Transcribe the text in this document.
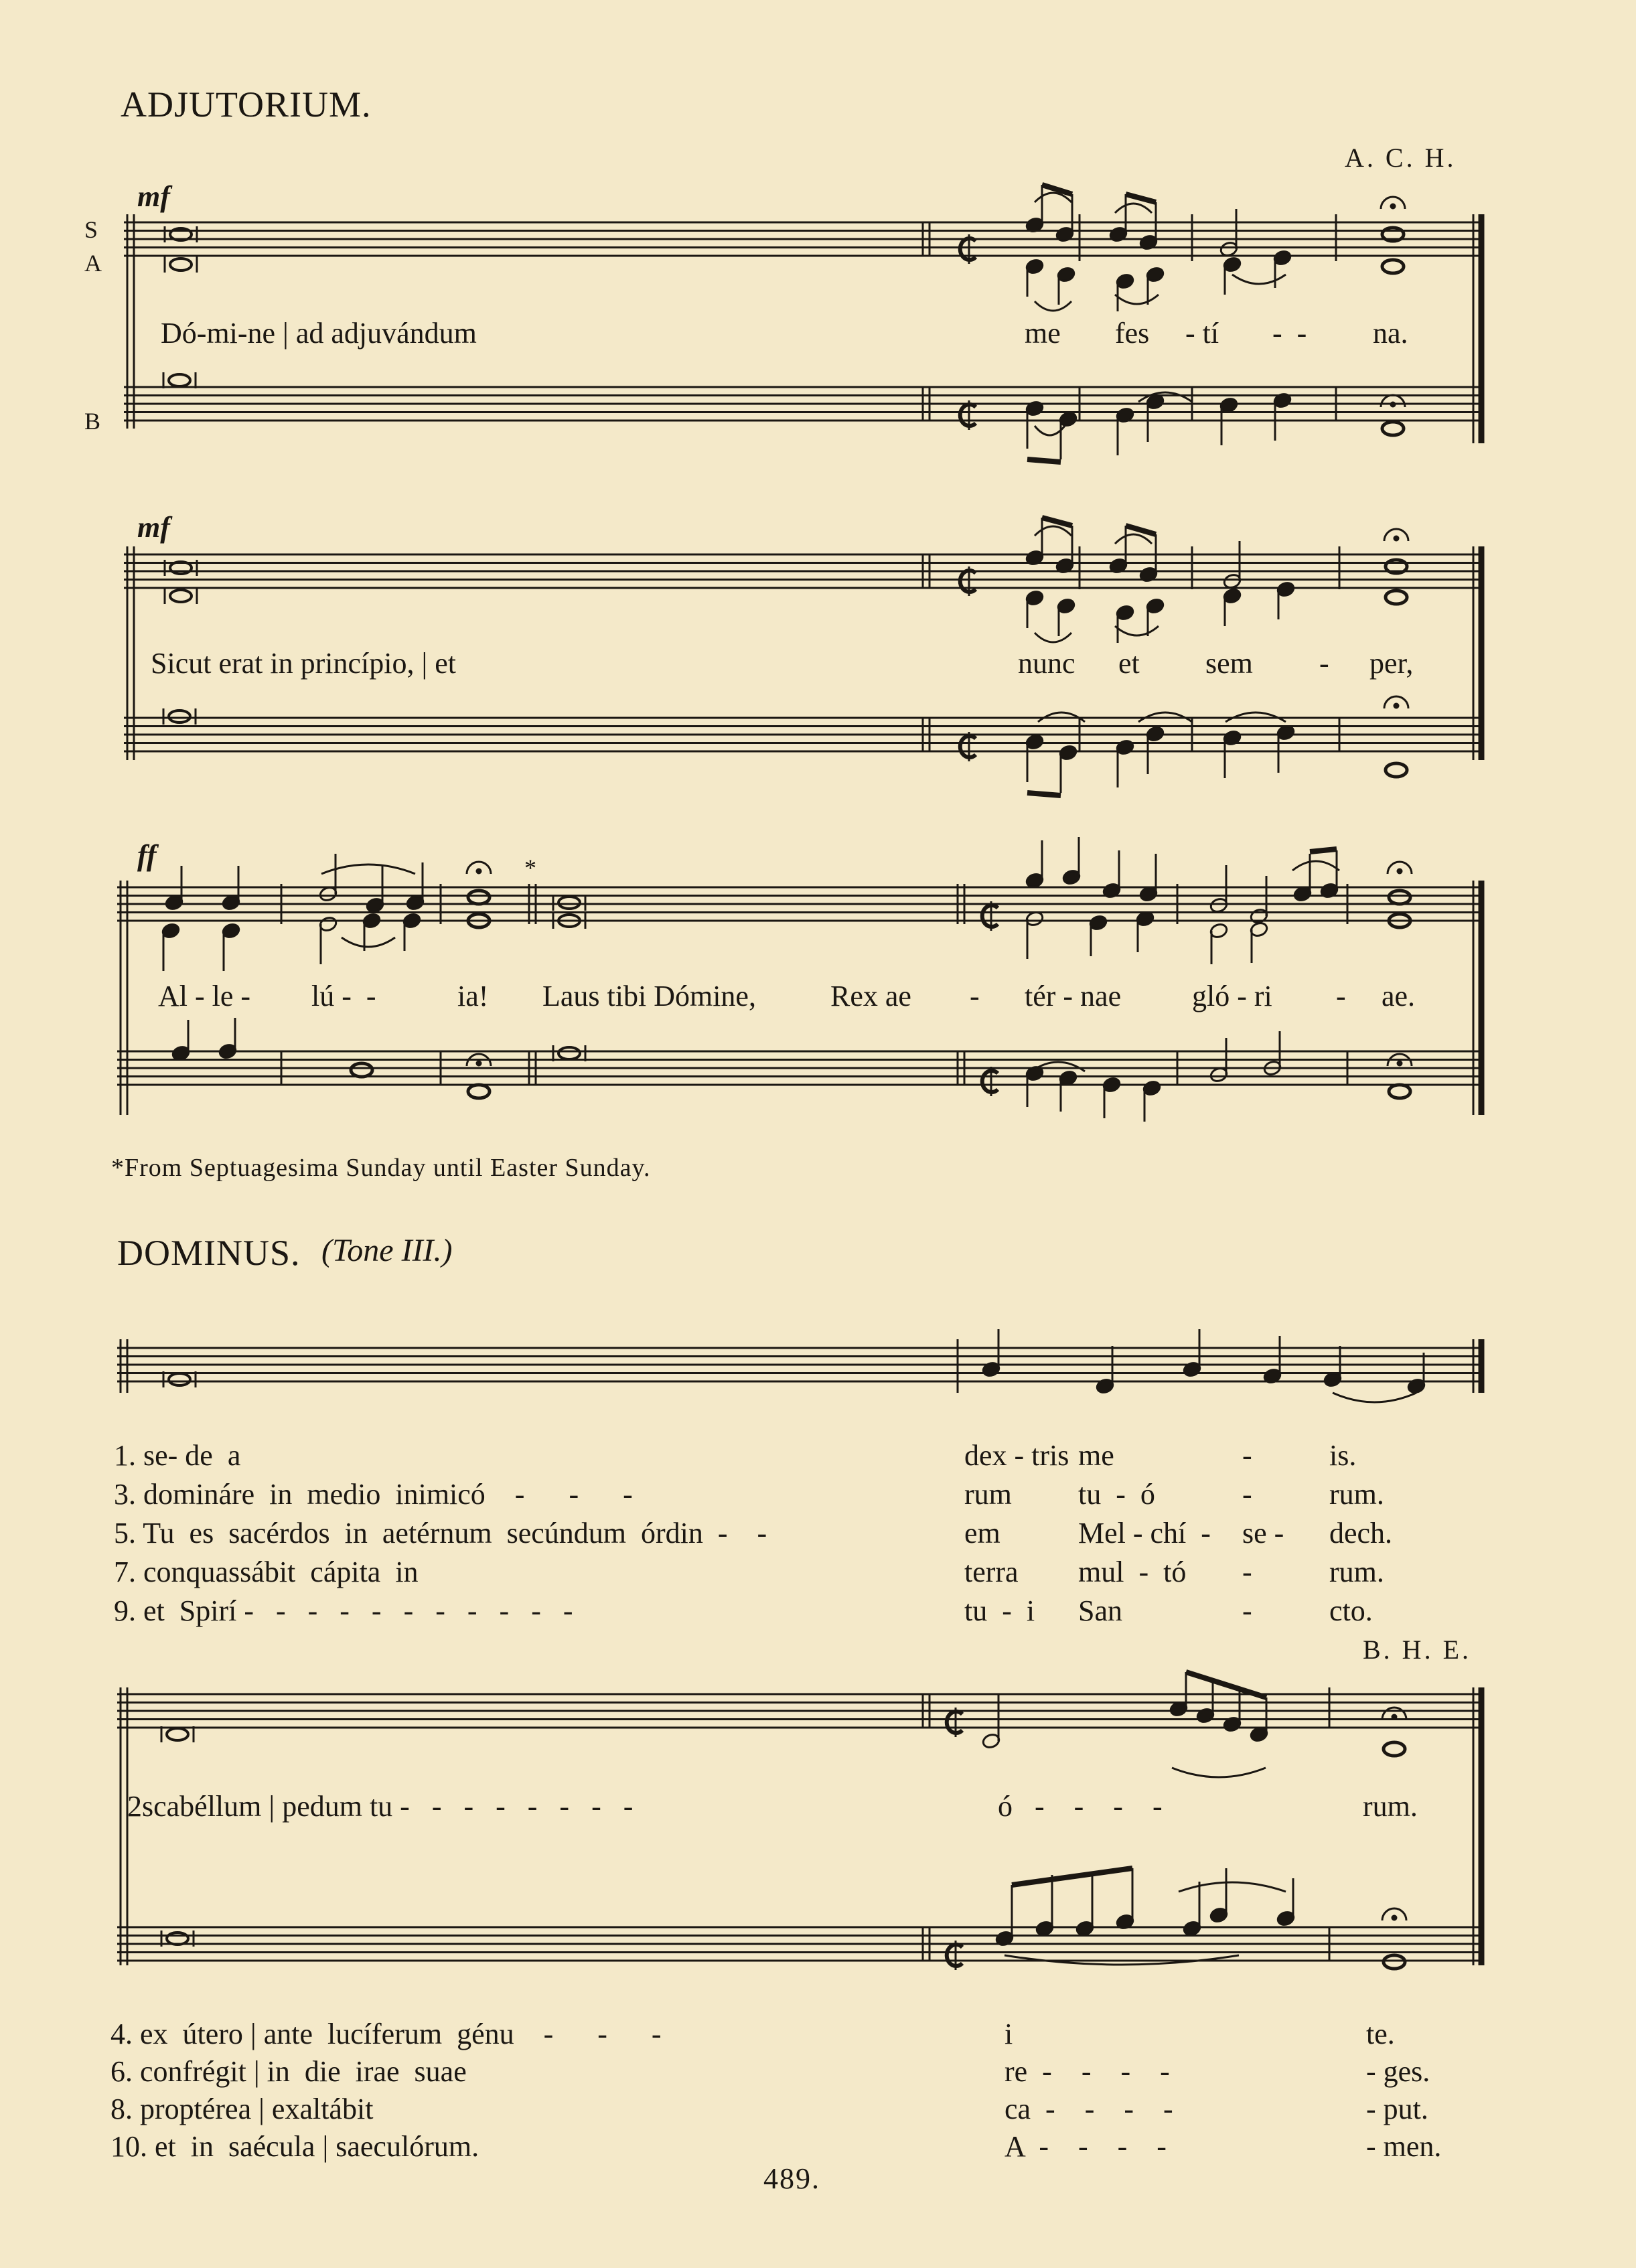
ADJUTORIUM.
A. C. H.
S
A
B
mf
mf
ff
Dó-mi-ne | ad adjuvándum	me fes - tí -  - na.
Sicut erat in princípio, | et	nunc et sem - per,
Al - le - lú -  -	ia! Laus tibi Dómine,	Rex ae - tér - nae gló - ri - ae.
*
*From Septuagesima Sunday until Easter Sunday.
DOMINUS. (Tone III.)
1. se- de  a	dex - tris me	-	is.
3. domináre  in  medio  inimicó    -      -      -	rum tu  -  ó	-	rum.
5. Tu  es  sacérdos  in  aetérnum  secúndum  órdin  -    -	em	Mel - chí  - se - dech.
7. conquassábit  cápita  in	terra mul  -  tó -	rum.
9. et  Spirí -   -   -   -   -   -   -   -   -   -   -	tu  -  i San	-	cto.
B. H. E.
2scabéllum | pedum tu -   -   -   -   -   -   -   -	ó   -    -    -    -	rum.
4. ex  útero | ante  lucíferum  génu    -      -      -	i	te.
6. confrégit | in  die  irae  suae	re  -    -    -    -	- ges.
8. proptérea | exaltábit	ca  -    -    -    -	- put.
10. et  in  saécula | saeculórum.	A  -    -    -    -	- men.
489.
